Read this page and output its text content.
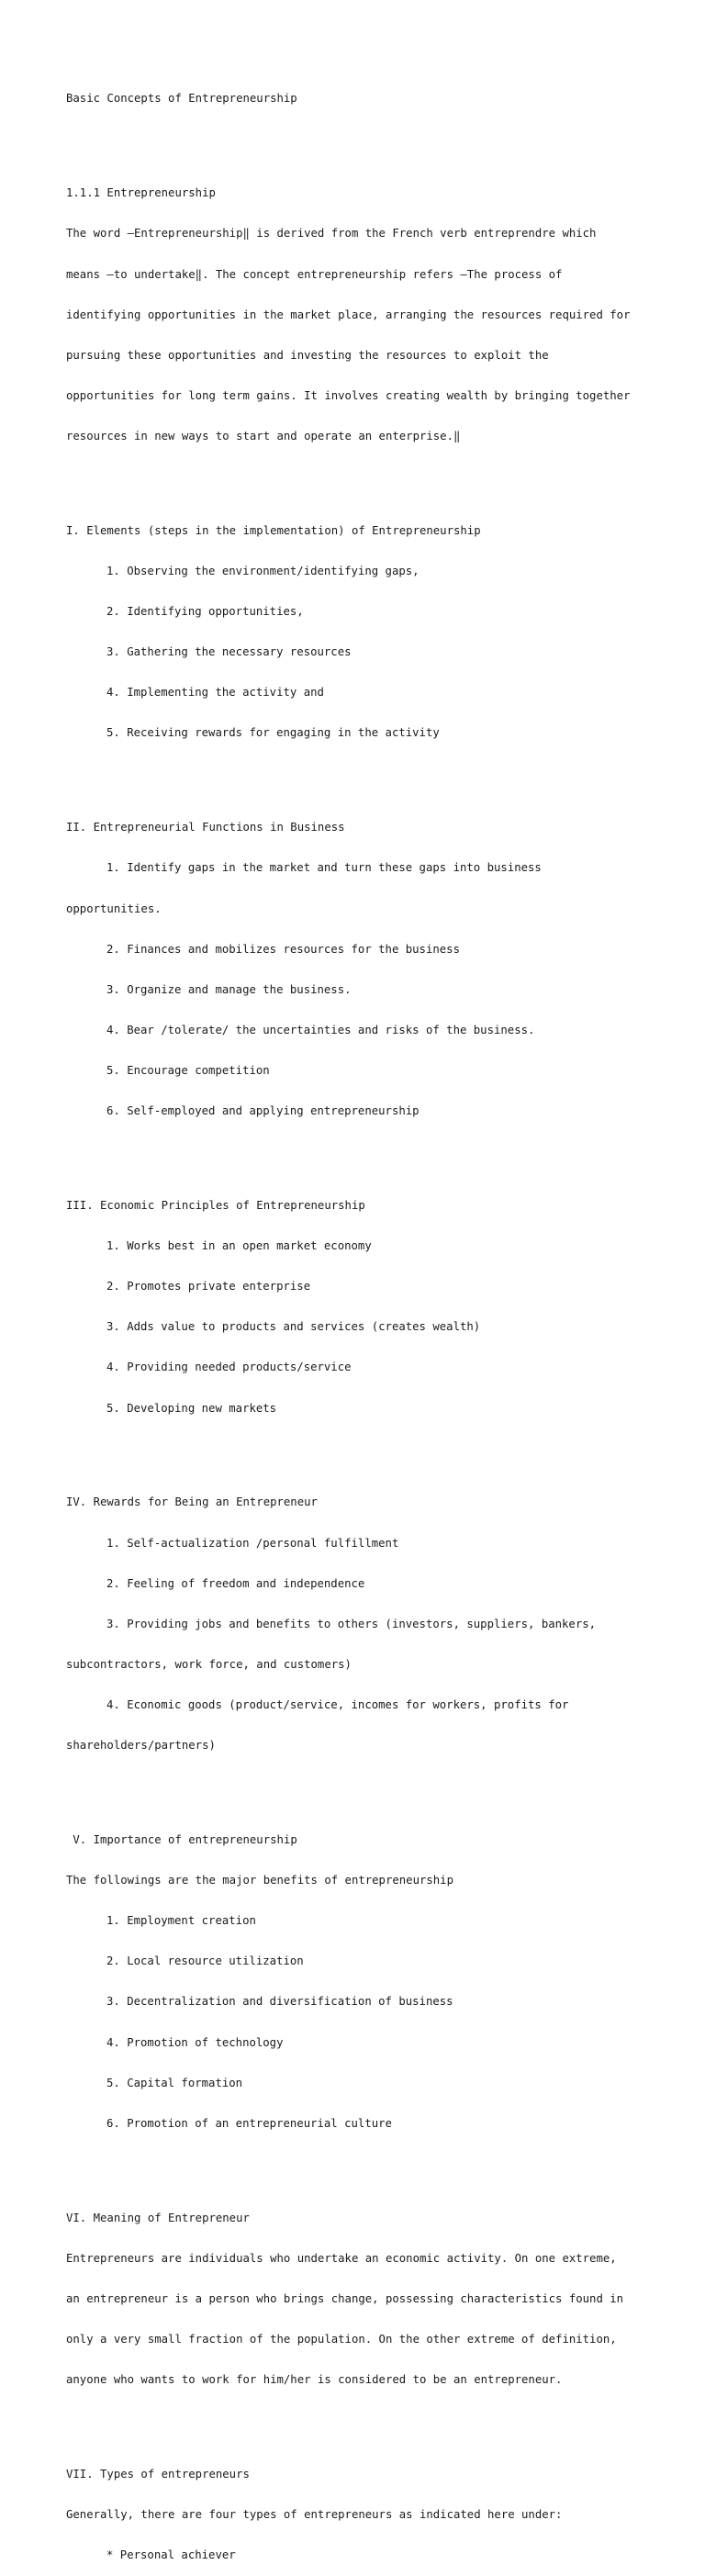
Basic Concepts of Entrepreneurship

1.1.1 Entrepreneurship

The word —Entrepreneurship‖ is derived from the French verb entreprendre which

means —to undertake‖. The concept entrepreneurship refers —The process of

identifying opportunities in the market place, arranging the resources required for

pursuing these opportunities and investing the resources to exploit the

opportunities for long term gains. It involves creating wealth by bringing together

resources in new ways to start and operate an enterprise.‖

I. Elements (steps in the implementation) of Entrepreneurship

1. Observing the environment/identifying gaps,

2. Identifying opportunities,

3. Gathering the necessary resources

4. Implementing the activity and

5. Receiving rewards for engaging in the activity

II. Entrepreneurial Functions in Business

1. Identify gaps in the market and turn these gaps into business

opportunities.

2. Finances and mobilizes resources for the business

3. Organize and manage the business.

4. Bear /tolerate/ the uncertainties and risks of the business.

5. Encourage competition

6. Self-employed and applying entrepreneurship

III. Economic Principles of Entrepreneurship

1. Works best in an open market economy

2. Promotes private enterprise

3. Adds value to products and services (creates wealth)

4. Providing needed products/service

5. Developing new markets

IV. Rewards for Being an Entrepreneur

1. Self-actualization /personal fulfillment

2. Feeling of freedom and independence

3. Providing jobs and benefits to others (investors, suppliers, bankers,

subcontractors, work force, and customers)

4. Economic goods (product/service, incomes for workers, profits for

shareholders/partners)

V. Importance of entrepreneurship

The followings are the major benefits of entrepreneurship

1. Employment creation

2. Local resource utilization

3. Decentralization and diversification of business

4. Promotion of technology

5. Capital formation

6. Promotion of an entrepreneurial culture

VI. Meaning of Entrepreneur

Entrepreneurs are individuals who undertake an economic activity. On one extreme,

an entrepreneur is a person who brings change, possessing characteristics found in

only a very small fraction of the population. On the other extreme of definition,

anyone who wants to work for him/her is considered to be an entrepreneur.

VII. Types of entrepreneurs

Generally, there are four types of entrepreneurs as indicated here under:

* Personal achiever
